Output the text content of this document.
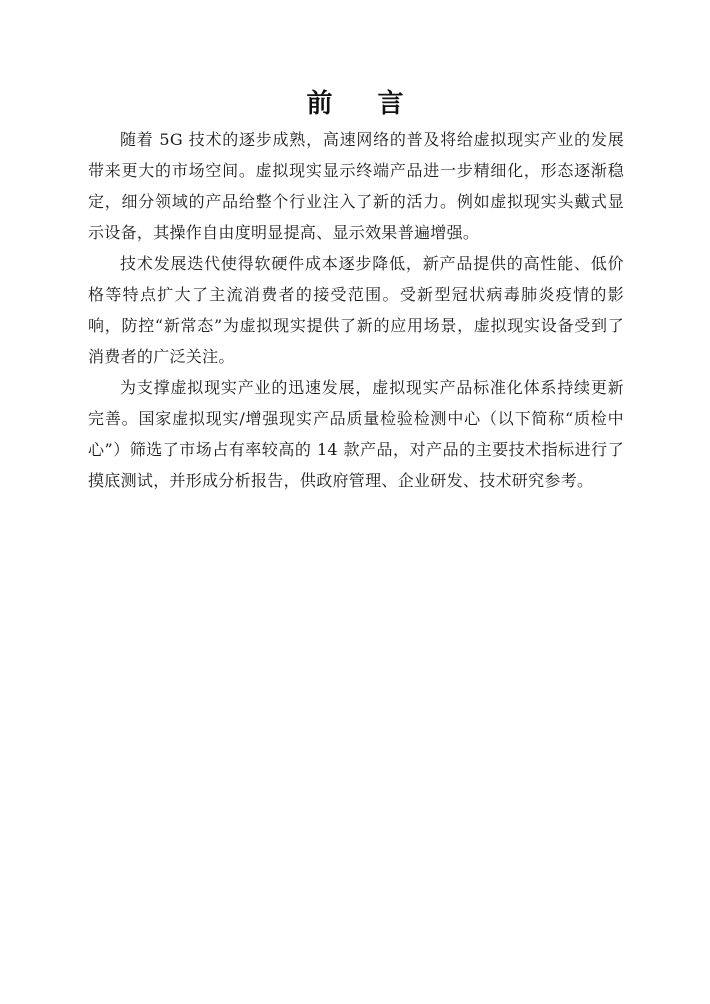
前 言

随着 5G 技术的逐步成熟，高速网络的普及将给虚拟现实产业的发展带来更大的市场空间。虚拟现实显示终端产品进一步精细化，形态逐渐稳定，细分领域的产品给整个行业注入了新的活力。例如虚拟现实头戴式显示设备，其操作自由度明显提高、显示效果普遍增强。

技术发展迭代使得软硬件成本逐步降低，新产品提供的高性能、低价格等特点扩大了主流消费者的接受范围。受新型冠状病毒肺炎疫情的影响，防控“新常态”为虚拟现实提供了新的应用场景，虚拟现实设备受到了消费者的广泛关注。

为支撑虚拟现实产业的迅速发展，虚拟现实产品标准化体系持续更新完善。国家虚拟现实/增强现实产品质量检验检测中心（以下简称“质检中心”）筛选了市场占有率较高的 14 款产品，对产品的主要技术指标进行了摸底测试，并形成分析报告，供政府管理、企业研发、技术研究参考。
